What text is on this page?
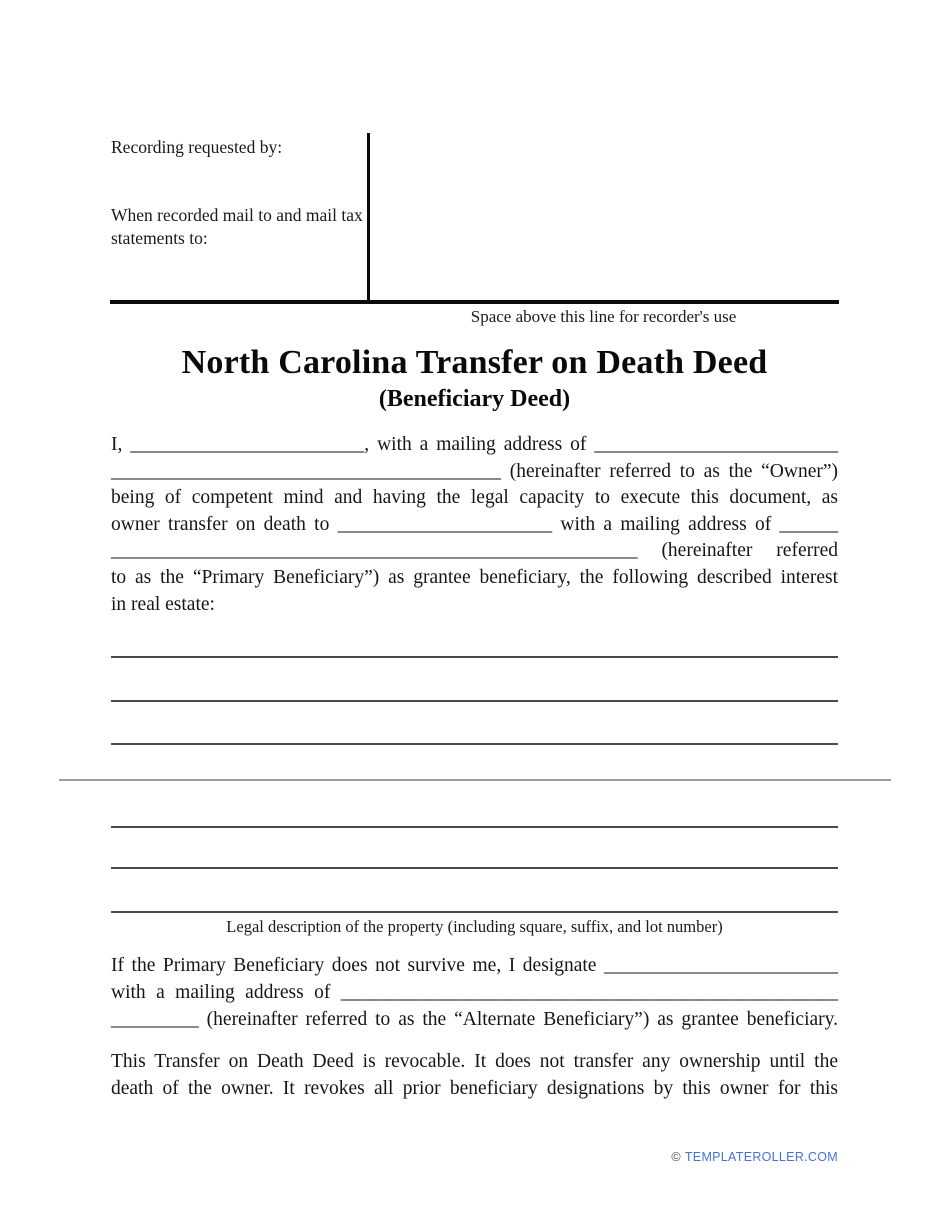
Recording requested by:
When recorded mail to and mail tax statements to:
Space above this line for recorder's use
North Carolina Transfer on Death Deed
(Beneficiary Deed)
I, ________________________, with a mailing address of _________________________
________________________________________ (hereinafter referred to as the “Owner”)
being of competent mind and having the legal capacity to execute this document, as
owner transfer on death to ______________________ with a mailing address of ______
______________________________________________________ (hereinafter referred
to as the “Primary Beneficiary”) as grantee beneficiary, the following described interest
in real estate:
Legal description of the property (including square, suffix, and lot number)
If the Primary Beneficiary does not survive me, I designate ________________________
with a mailing address of ___________________________________________________
_________ (hereinafter referred to as the “Alternate Beneficiary”) as grantee beneficiary.
This Transfer on Death Deed is revocable. It does not transfer any ownership until the
death of the owner. It revokes all prior beneficiary designations by this owner for this
© TEMPLATEROLLER.COM
